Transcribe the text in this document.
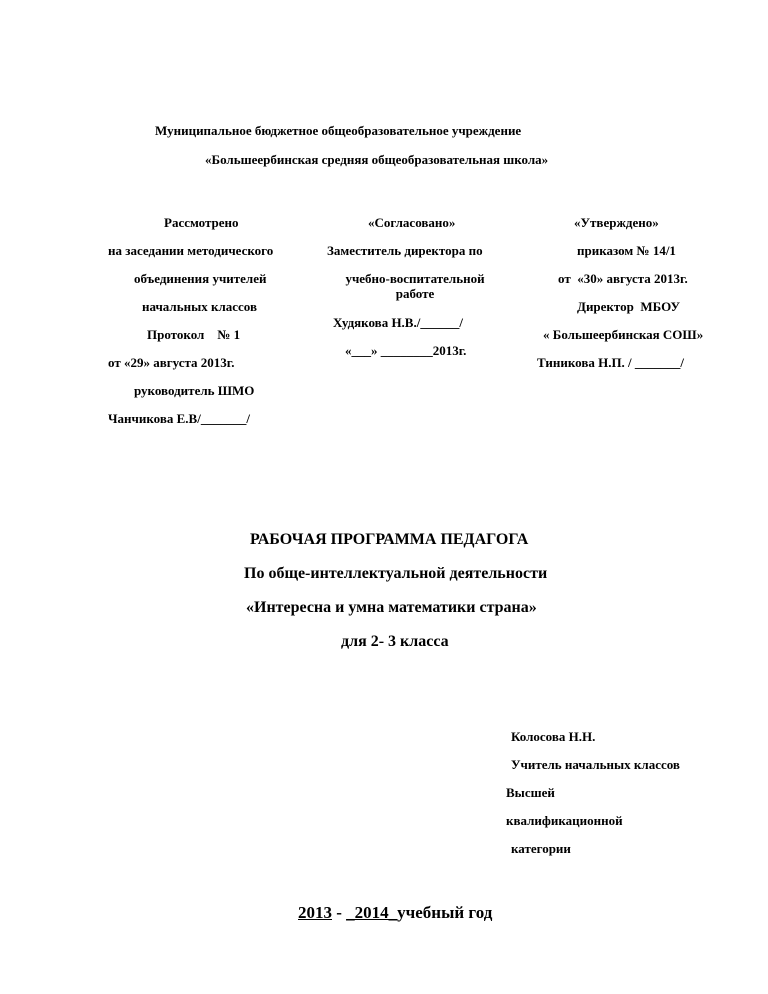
Муниципальное бюджетное общеобразовательное учреждение
«Большеербинская средняя общеобразовательная школа»
Рассмотрено
на заседании методического
объединения учителей
начальных классов
Протокол    № 1
от «29» августа 2013г.
руководитель ШМО
Чанчикова Е.В/_______/
«Согласовано»
Заместитель директора по
учебно-воспитательной
работе
Худякова Н.В./______/
«___» ________2013г.
«Утверждено»
приказом № 14/1
от  «30» августа 2013г.
Директор  МБОУ
« Большеербинская СОШ»
Тиникова Н.П. / _______/
РАБОЧАЯ ПРОГРАММА ПЕДАГОГА
По обще-интеллектуальной деятельности
«Интересна и умна математики страна»
для 2- 3 класса
Колосова Н.Н.
Учитель начальных классов
Высшей
квалификационной
категории
2013 - _2014_учебный год
